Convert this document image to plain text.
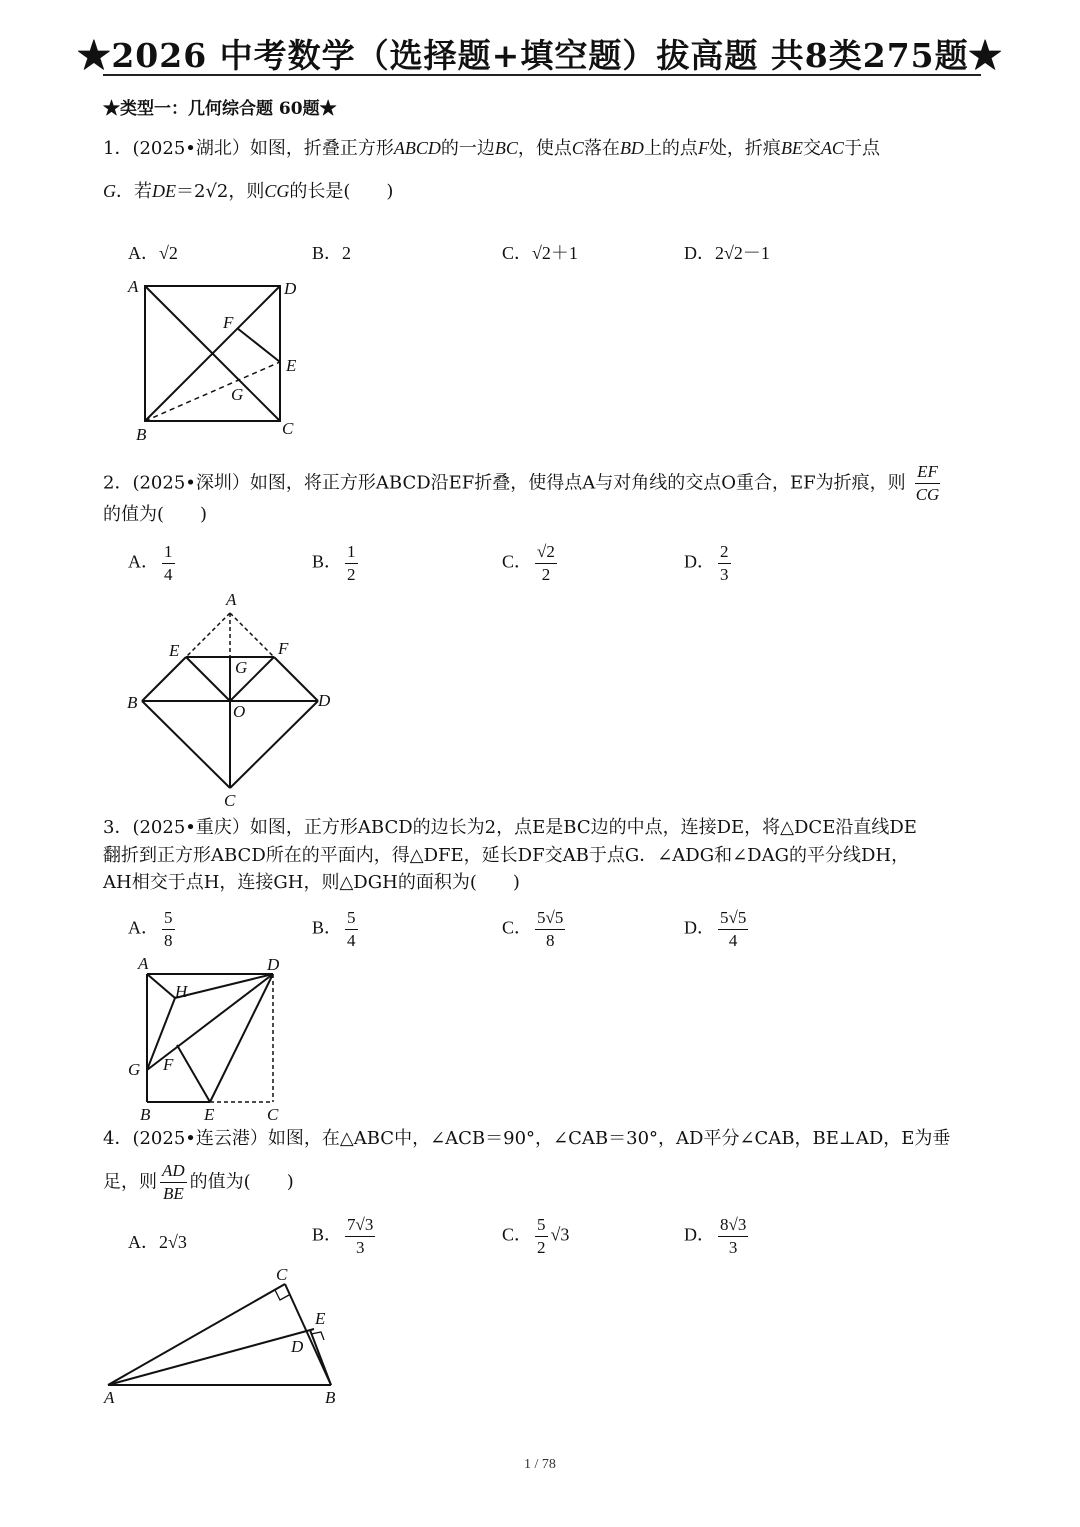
★2026 中考数学（选择题+填空题）拔高题 共8类275题★
★类型一：几何综合题 60题★
1．(2025•湖北）如图，折叠正方形ABCD的一边BC，使点C落在BD上的点F处，折痕BE交AC于点
G．若DE＝2√2，则CG的长是(　　)
A．√2	B．2	C．√2＋1	D．2√2－1
A	D
F
E
G
B	C
2．(2025•深圳）如图，将正方形ABCD沿EF折叠，使得点A与对角线的交点O重合，EF为折痕，则 $\frac{EF}{CG}$
的值为(　　)
A． $\frac{1}{4}$	B． $\frac{1}{2}$	C． $\frac{√2}{2}$	D． $\frac{2}{3}$
A
E	F
G
B	O
D
C
3．(2025•重庆）如图，正方形ABCD的边长为2，点E是BC边的中点，连接DE，将△DCE沿直线DE
翻折到正方形ABCD所在的平面内，得△DFE，延长DF交AB于点G．∠ADG和∠DAG的平分线DH，
AH相交于点H，连接GH，则△DGH的面积为(　　)
A． $\frac{5}{8}$	B． $\frac{5}{4}$	C． $\frac{5√5}{8}$	D． $\frac{5√5}{4}$
A	D
H
G F
B	E	C
4．(2025•连云港）如图，在△ABC中，∠ACB＝90°，∠CAB＝30°，AD平分∠CAB，BE⊥AD，E为垂
足，则 $\frac{AD}{BE}$ 的值为(　　)
A．2√3	B． $\frac{7√3}{3}$	C． $\frac{5}{2} √3$	D． $\frac{8√3}{3}$
C
E
D
A	B
1 / 78
